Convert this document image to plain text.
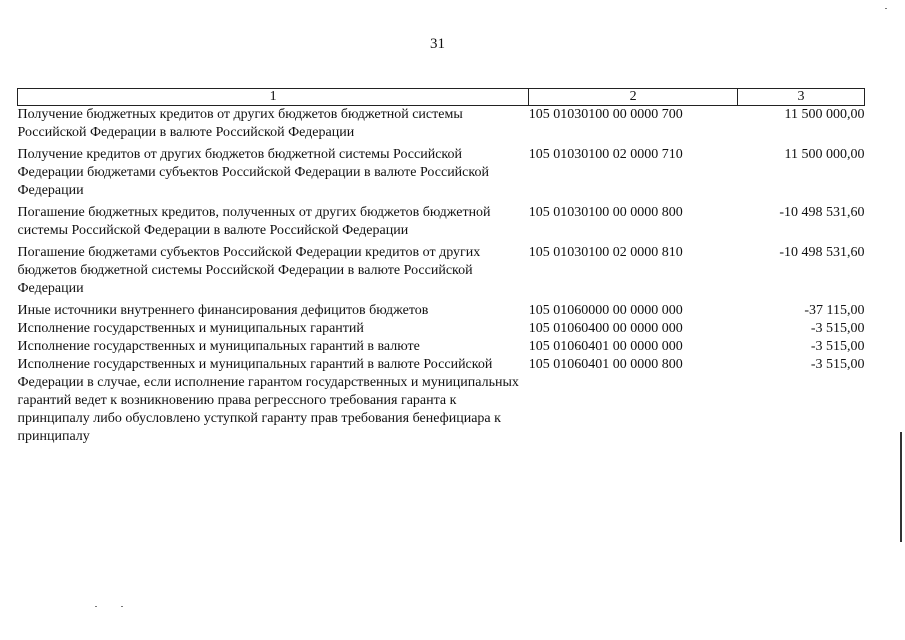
31
1	2	3
Получение бюджетных кредитов от других бюджетов бюджетной системы Российской Федерации в валюте Российской Федерации	105 01030100 00 0000 700	11 500 000,00
Получение кредитов от других бюджетов бюджетной системы Российской Федерации бюджетами субъектов Российской Федерации в валюте Российской Федерации	105 01030100 02 0000 710	11 500 000,00
Погашение бюджетных кредитов, полученных от других бюджетов бюджетной системы Российской Федерации в валюте Российской Федерации	105 01030100 00 0000 800	-10 498 531,60
Погашение бюджетами субъектов Российской Федерации кредитов от других бюджетов бюджетной системы Российской Федерации в валюте Российской Федерации	105 01030100 02 0000 810	-10 498 531,60
Иные источники внутреннего финансирования дефицитов бюджетов	105 01060000 00 0000 000	-37 115,00
Исполнение государственных и муниципальных гарантий	105 01060400 00 0000 000	-3 515,00
Исполнение государственных и муниципальных гарантий в валюте	105 01060401 00 0000 000	-3 515,00
Исполнение государственных и муниципальных гарантий в валюте Российской Федерации в случае, если исполнение гарантом государственных и муниципальных гарантий ведет к возникновению права регрессного требования гаранта к принципалу либо обусловлено уступкой гаранту прав требования бенефициара к принципалу	105 01060401 00 0000 800	-3 515,00
